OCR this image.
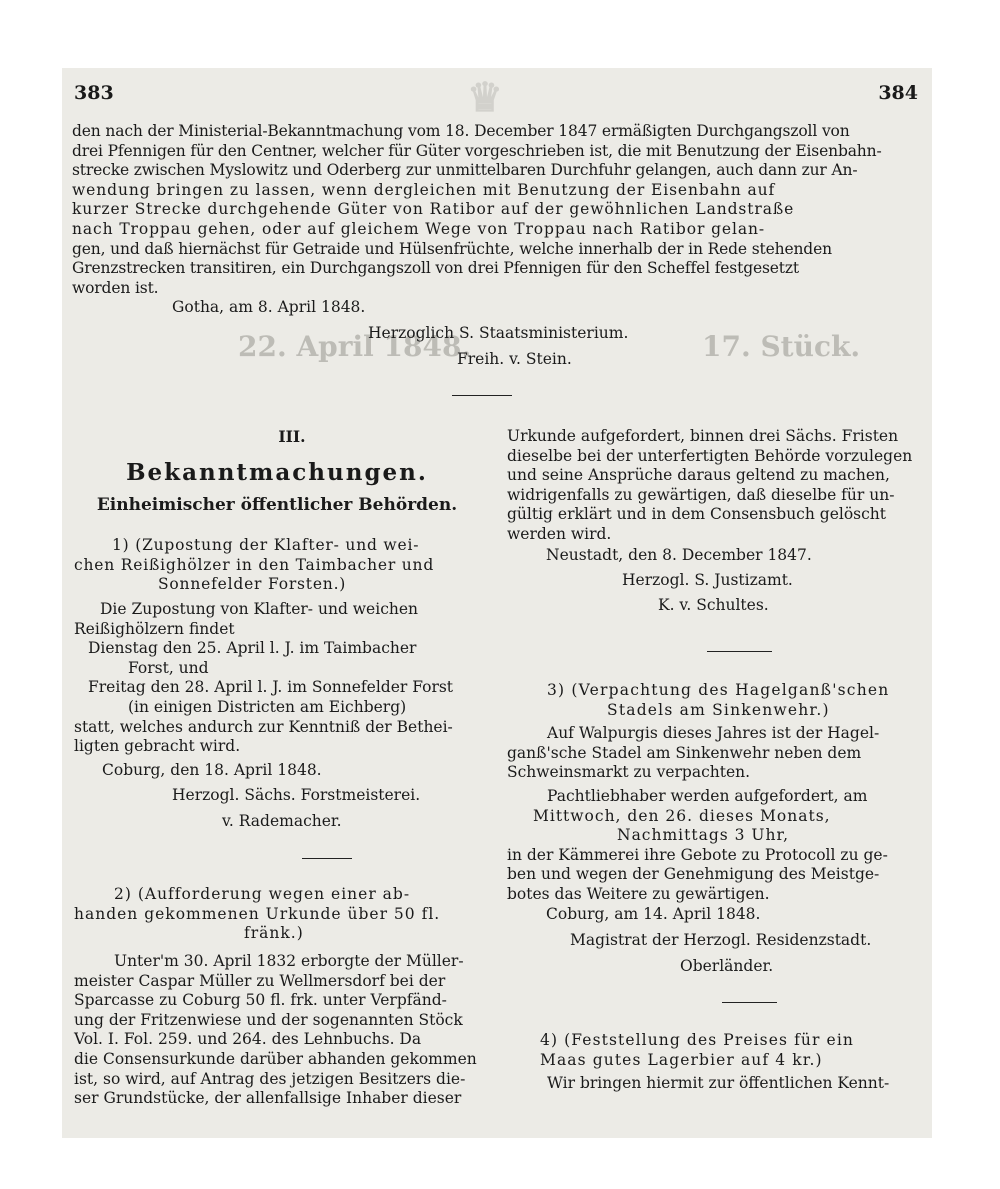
♛
17. Stück.
22. April 1848.
383	384
den nach der Ministerial-Bekanntmachung vom 18. December 1847 ermäßigten Durchgangszoll von
drei Pfennigen für den Centner, welcher für Güter vorgeschrieben ist, die mit Benutzung der Eisenbahn-
strecke zwischen Myslowitz und Oderberg zur unmittelbaren Durchfuhr gelangen, auch dann zur An-
wendung bringen zu lassen, wenn dergleichen mit Benutzung der Eisenbahn auf
kurzer Strecke durchgehende Güter von Ratibor auf der gewöhnlichen Landstraße
nach Troppau gehen, oder auf gleichem Wege von Troppau nach Ratibor gelan-
gen, und daß hiernächst für Getraide und Hülsenfrüchte, welche innerhalb der in Rede stehenden
Grenzstrecken transitiren, ein Durchgangszoll von drei Pfennigen für den Scheffel festgesetzt
worden ist.
Gotha, am 8. April 1848.
Herzoglich S. Staatsministerium.
Freih. v. Stein.
III.
Bekanntmachungen.
Einheimischer öffentlicher Behörden.
1) (Zupostung der Klafter- und wei-
chen Reißighölzer in den Taimbacher und
Sonnefelder Forsten.)
Die Zupostung von Klafter- und weichen
Reißighölzern findet
Dienstag den 25. April l. J. im Taimbacher
Forst, und
Freitag den 28. April l. J. im Sonnefelder Forst
(in einigen Districten am Eichberg)
statt, welches andurch zur Kenntniß der Bethei-
ligten gebracht wird.
Coburg, den 18. April 1848.
Herzogl. Sächs. Forstmeisterei.
v. Rademacher.
2) (Aufforderung wegen einer ab-
handen gekommenen Urkunde über 50 fl.
fränk.)
Unter'm 30. April 1832 erborgte der Müller-
meister Caspar Müller zu Wellmersdorf bei der
Sparcasse zu Coburg 50 fl. frk. unter Verpfänd-
ung der Fritzenwiese und der sogenannten Stöck
Vol. I. Fol. 259. und 264. des Lehnbuchs. Da
die Consensurkunde darüber abhanden gekommen
ist, so wird, auf Antrag des jetzigen Besitzers die-
ser Grundstücke, der allenfallsige Inhaber dieser
Urkunde aufgefordert, binnen drei Sächs. Fristen
dieselbe bei der unterfertigten Behörde vorzulegen
und seine Ansprüche daraus geltend zu machen,
widrigenfalls zu gewärtigen, daß dieselbe für un-
gültig erklärt und in dem Consensbuch gelöscht
werden wird.
Neustadt, den 8. December 1847.
Herzogl. S. Justizamt.
K. v. Schultes.
3) (Verpachtung des Hagelganß'schen
Stadels am Sinkenwehr.)
Auf Walpurgis dieses Jahres ist der Hagel-
ganß'sche Stadel am Sinkenwehr neben dem
Schweinsmarkt zu verpachten.
Pachtliebhaber werden aufgefordert, am
Mittwoch, den 26. dieses Monats,
Nachmittags 3 Uhr,
in der Kämmerei ihre Gebote zu Protocoll zu ge-
ben und wegen der Genehmigung des Meistge-
botes das Weitere zu gewärtigen.
Coburg, am 14. April 1848.
Magistrat der Herzogl. Residenzstadt.
Oberländer.
4) (Feststellung des Preises für ein
Maas gutes Lagerbier auf 4 kr.)
Wir bringen hiermit zur öffentlichen Kennt-
